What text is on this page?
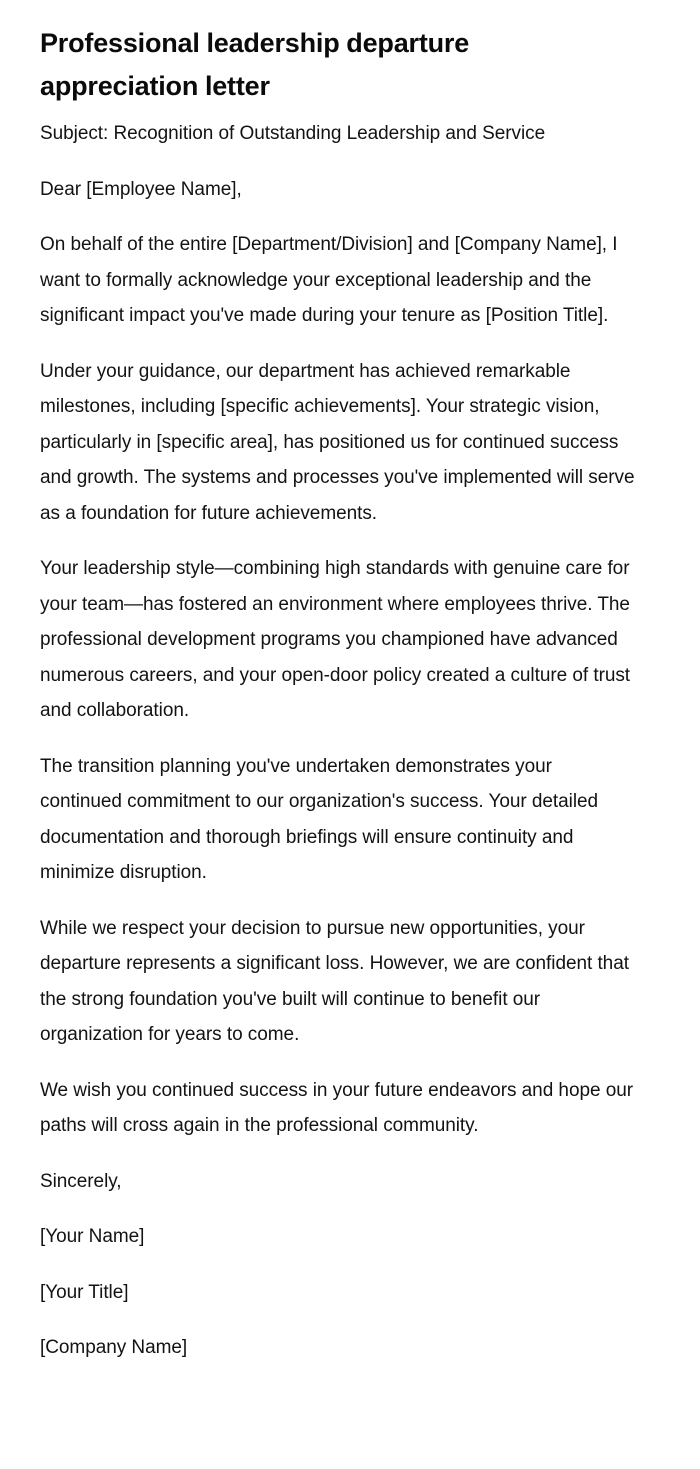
Professional leadership departure appreciation letter

Subject: Recognition of Outstanding Leadership and Service

Dear [Employee Name],

On behalf of the entire [Department/Division] and [Company Name], I want to formally acknowledge your exceptional leadership and the significant impact you've made during your tenure as [Position Title].

Under your guidance, our department has achieved remarkable milestones, including [specific achievements]. Your strategic vision, particularly in [specific area], has positioned us for continued success and growth. The systems and processes you've implemented will serve as a foundation for future achievements.

Your leadership style—combining high standards with genuine care for your team—has fostered an environment where employees thrive. The professional development programs you championed have advanced numerous careers, and your open-door policy created a culture of trust and collaboration.

The transition planning you've undertaken demonstrates your continued commitment to our organization's success. Your detailed documentation and thorough briefings will ensure continuity and minimize disruption.

While we respect your decision to pursue new opportunities, your departure represents a significant loss. However, we are confident that the strong foundation you've built will continue to benefit our organization for years to come.

We wish you continued success in your future endeavors and hope our paths will cross again in the professional community.

Sincerely,

[Your Name]

[Your Title]

[Company Name]
